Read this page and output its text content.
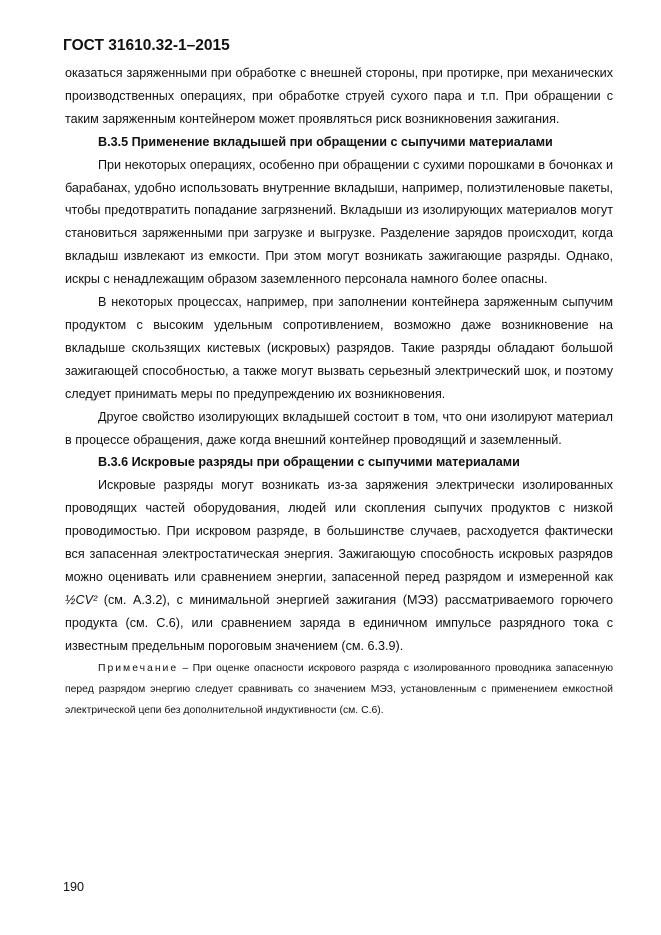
ГОСТ 31610.32-1–2015

оказаться заряженными при обработке с внешней стороны, при протирке, при механических производственных операциях, при обработке струей сухого пара и т.п. При обращении с таким заряженным контейнером может проявляться риск возникновения зажигания.

B.3.5 Применение вкладышей при обращении с сыпучими материалами

При некоторых операциях, особенно при обращении с сухими порошками в бочонках и барабанах, удобно использовать внутренние вкладыши, например, полиэтиленовые пакеты, чтобы предотвратить попадание загрязнений. Вкладыши из изолирующих материалов могут становиться заряженными при загрузке и выгрузке. Разделение зарядов происходит, когда вкладыш извлекают из емкости. При этом могут возникать зажигающие разряды. Однако, искры с ненадлежащим образом заземленного персонала намного более опасны.

В некоторых процессах, например, при заполнении контейнера заряженным сыпучим продуктом с высоким удельным сопротивлением, возможно даже возникновение на вкладыше скользящих кистевых (искровых) разрядов. Такие разряды обладают большой зажигающей способностью, а также могут вызвать серьезный электрический шок, и поэтому следует принимать меры по предупреждению их возникновения.

Другое свойство изолирующих вкладышей состоит в том, что они изолируют материал в процессе обращения, даже когда внешний контейнер проводящий и заземленный.

B.3.6 Искровые разряды при обращении с сыпучими материалами

Искровые разряды могут возникать из-за заряжения электрически изолированных проводящих частей оборудования, людей или скопления сыпучих продуктов с низкой проводимостью. При искровом разряде, в большинстве случаев, расходуется фактически вся запасенная электростатическая энергия. Зажигающую способность искровых разрядов можно оценивать или сравнением энергии, запасенной перед разрядом и измеренной как ½CV² (см. А.3.2), с минимальной энергией зажигания (МЭЗ) рассматриваемого горючего продукта (см. С.6), или сравнением заряда в единичном импульсе разрядного тока с известным предельным пороговым значением (см. 6.3.9).

Примечание – При оценке опасности искрового разряда с изолированного проводника запасенную перед разрядом энергию следует сравнивать со значением МЭЗ, установленным с применением емкостной электрической цепи без дополнительной индуктивности (см. С.6).

190
